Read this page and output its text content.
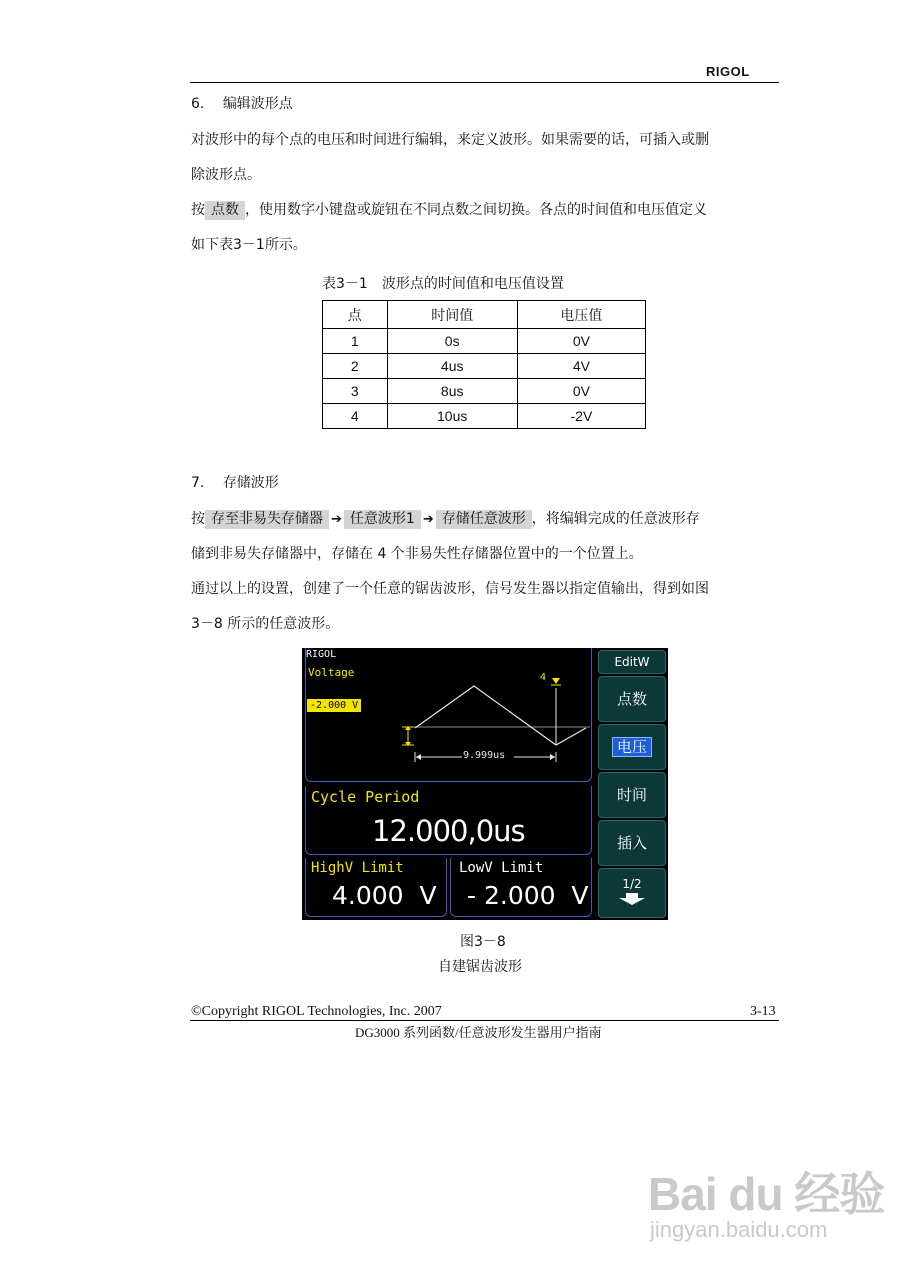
RIGOL
6. 编辑波形点
对波形中的每个点的电压和时间进行编辑，来定义波形。如果需要的话，可插入或删
除波形点。
按 点数 ，使用数字小键盘或旋钮在不同点数之间切换。各点的时间值和电压值定义
如下表3－1所示。
表3－1　波形点的时间值和电压值设置
点	时间值	电压值
1	0s	0V
2	4us	4V
3	8us	0V
4	10us	-2V
7. 存储波形
按 存至非易失存储器 ➔ 任意波形1 ➔ 存储任意波形 ，将编辑完成的任意波形存
储到非易失存储器中，存储在 4 个非易失性存储器位置中的一个位置上。
通过以上的设置，创建了一个任意的锯齿波形，信号发生器以指定值输出，得到如图
3－8 所示的任意波形。
RIGOL
Voltage
-2.000 V
4
9.999us
Cycle Period
12.000,0us
HighV Limit	LowV Limit
4.000  V - 2.000  V
EditW
点数
电压
时间
插入
1/2
图3－8
自建锯齿波形
©Copyright RIGOL Technologies, Inc. 2007	3-13
DG3000 系列函数/任意波形发生器用户指南
Bai du 经验
jingyan.baidu.com
